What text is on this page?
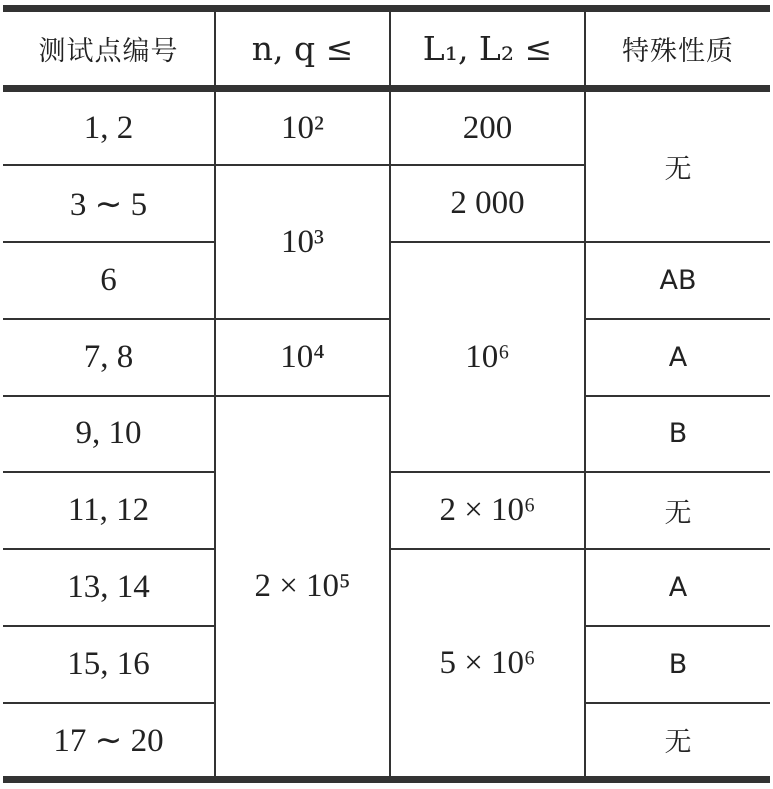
测试点编号	n, q ≤	L₁, L₂ ≤	特殊性质
1, 2	10²	200	无
3 ∼ 5	10³	2 000	
6		10⁶	AB
7, 8	10⁴		A
9, 10	2 × 10⁵		B
11, 12		2 × 10⁶	无
13, 14		5 × 10⁶	A
15, 16			B
17 ∼ 20			无
